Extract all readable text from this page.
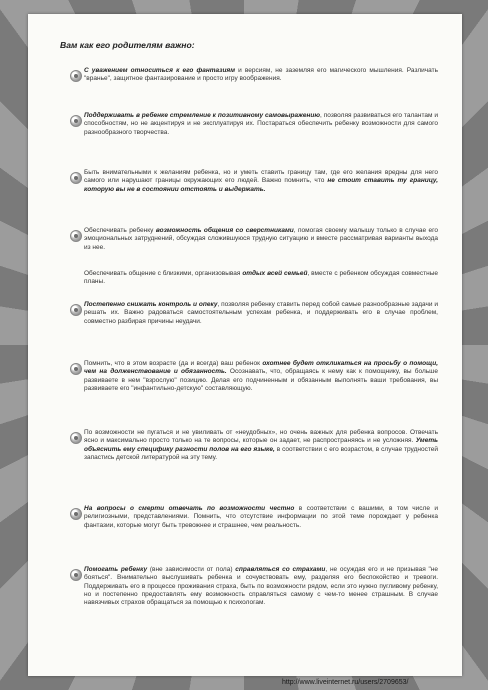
Вам как его родителям важно:
С уважением относиться к его фантазиям и версиям, не заземляя его магического мышления. Различать "вранье", защитное фантазирование и просто игру воображения.
Поддерживать в ребенке стремление к позитивному самовыражению, позволяя развиваться его талантам и способностям, но не акцентируя и не эксплуатируя их. Постараться обеспечить ребенку возможности для самого разнообразного творчества.
Быть внимательными к желаниям ребенка, но и уметь ставить границу там, где его желания вредны для него самого или нарушают границы окружающих его людей. Важно помнить, что не стоит ставить ту границу, которую вы не в состоянии отстоять и выдержать.
Обеспечивать ребенку возможность общения со сверстниками, помогая своему малышу только в случае его эмоциональных затруднений, обсуждая сложившуюся трудную ситуацию и вместе рассматривая варианты выхода из нее.
Обеспечивать общение с близкими, организовывая отдых всей семьей, вместе с ребенком обсуждая совместные планы.
Постепенно снижать контроль и опеку, позволяя ребенку ставить перед собой самые разнообразные задачи и решать их. Важно радоваться самостоятельным успехам ребенка, и поддерживать его в случае проблем, совместно разбирая причины неудачи.
Помнить, что в этом возрасте (да и всегда) ваш ребенок охотнее будет откликаться на просьбу о помощи, чем на долженствование и обязанность. Осознавать, что, обращаясь к нему как к помощнику, вы больше развиваете в нем "взрослую" позицию. Делая его подчиненным и обязанным выполнять ваши требования, вы развиваете его "инфантильно-детскую" составляющую.
По возможности не пугаться и не увиливать от «неудобных», но очень важных для ребенка вопросов. Отвечать ясно и максимально просто только на те вопросы, которые он задает, не распространяясь и не усложняя. Уметь объяснить ему специфику разности полов на его языке, в соответствии с его возрастом, в случае трудностей запастись детской литературой на эту тему.
На вопросы о смерти отвечать по возможности честно в соответствии с вашими, в том числе и религиозными, представлениями. Помнить, что отсутствие информации по этой теме порождает у ребенка фантазии, которые могут быть тревожнее и страшнее, чем реальность.
Помогать ребенку (вне зависимости от пола) справляться со страхами, не осуждая его и не призывая "не бояться". Внимательно выслушивать ребенка и сочувствовать ему, разделяя его беспокойство и тревоги. Поддерживать его в процессе проживания страха, быть по возможности рядом, если это нужно пугливому ребенку, но и постепенно предоставлять ему возможность справляться самому с чем-то менее страшным. В случае навязчивых страхов обращаться за помощью к психологам.
http://www.liveinternet.ru/users/2709653/
